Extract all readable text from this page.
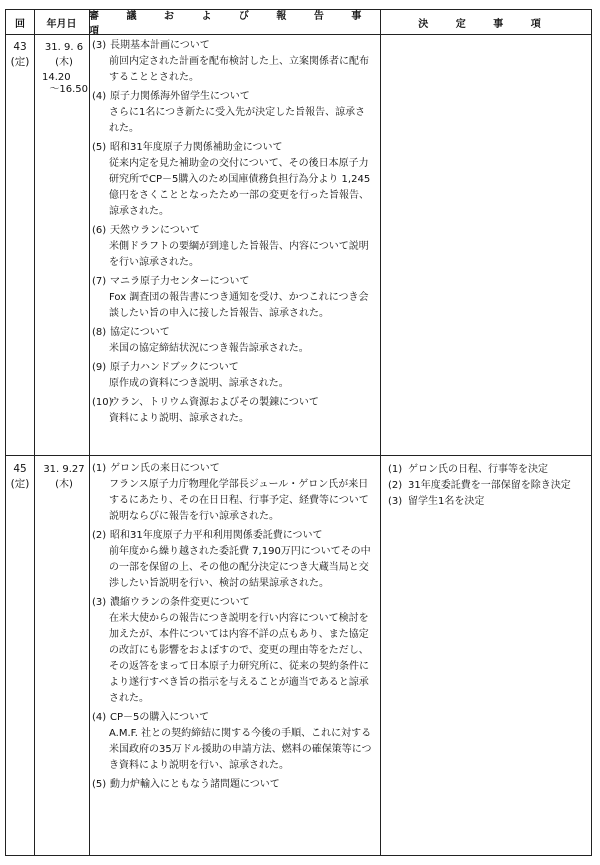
回	年月日
審 議 お よ び 報 告 事 項
決 定 事 項
43
(定)
31. 9. 6
(木)
14.20
～16.50
(3) 長期基本計画について
前回内定された計画を配布検討した上、立案関係者に配布することとされた。
(4) 原子力関係海外留学生について
さらに1名につき新たに受入先が決定した旨報告、諒承された。
(5) 昭和31年度原子力関係補助金について
従来内定を見た補助金の交付について、その後日本原子力研究所でCP－5購入のため国庫債務負担行為分より 1,245億円をさくこととなったため一部の変更を行った旨報告、諒承された。
(6) 天然ウランについて
米側ドラフトの要綱が到達した旨報告、内容について説明を行い諒承された。
(7) マニラ原子力センターについて
Fox 調査団の報告書につき通知を受け、かつこれにつき会談したい旨の申入に接した旨報告、諒承された。
(8) 協定について
米国の協定締結状況につき報告諒承された。
(9) 原子力ハンドブックについて
原作成の資料につき説明、諒承された。
(10)ウラン、トリウム資源およびその製錬について
資料により説明、諒承された。
45
(定)
31. 9.27
(木)
(1) ゲロン氏の来日について
フランス原子力庁物理化学部長ジュール・ゲロン氏が来日するにあたり、その在日日程、行事予定、経費等について説明ならびに報告を行い諒承された。
(2) 昭和31年度原子力平和利用関係委託費について
前年度から繰り越された委託費 7,190万円についてその中の一部を保留の上、その他の配分決定につき大蔵当局と交渉したい旨説明を行い、検討の結果諒承された。
(3) 濃縮ウランの条件変更について
在米大使からの報告につき説明を行い内容について検討を加えたが、本件については内容不詳の点もあり、また協定の改訂にも影響をおよぼすので、変更の理由等をただし、その返答をまって日本原子力研究所に、従来の契約条件により遂行すべき旨の指示を与えることが適当であると諒承された。
(4) CP－5の購入について
A.M.F. 社との契約締結に関する今後の手順、これに対する米国政府の35万ドル援助の申請方法、燃料の確保策等につき資料により説明を行い、諒承された。
(5) 動力炉輸入にともなう諸問題について
(1) ゲロン氏の日程、行事等を決定
(2) 31年度委託費を一部保留を除き決定
(3) 留学生1名を決定
